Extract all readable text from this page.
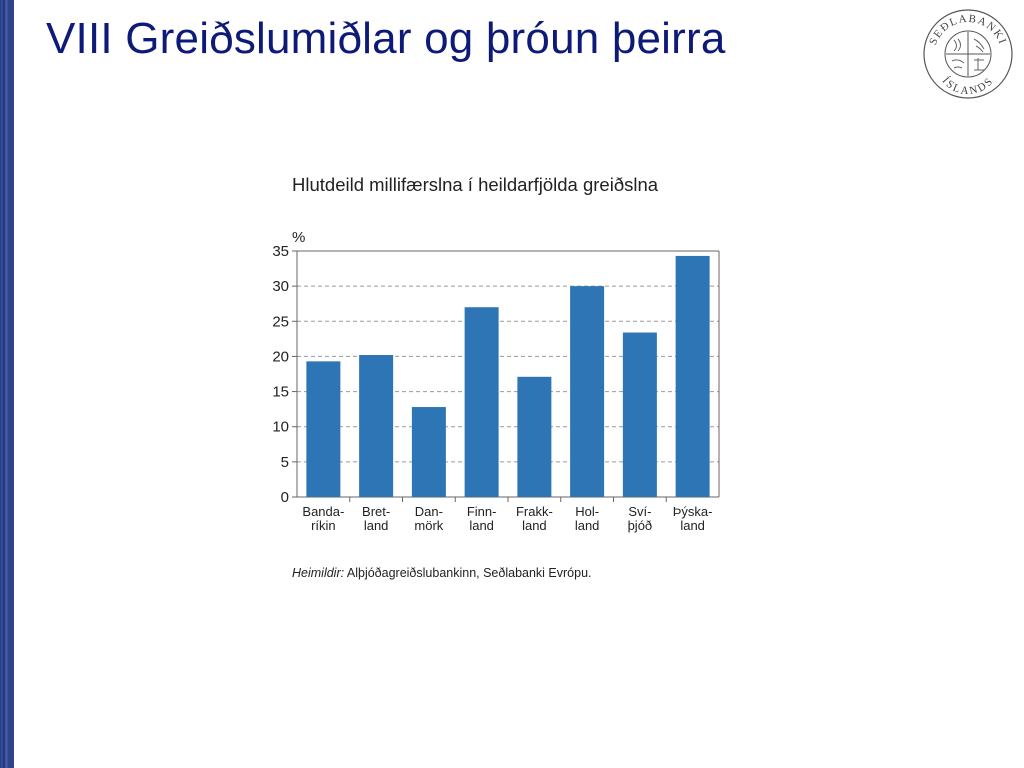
VIII Greiðslumiðlar og þróun þeirra	SEÐLABANKI
ÍSLANDS
Hlutdeild millifærslna í heildarfjölda greiðslna
%
0
5
10
15
20
25
30
35
Banda-
ríkin
Bret-
land
Dan-
mörk
Finn-
land
Frakk-
land
Hol-
land
Sví-
þjóð
Þýska-
land
Heimildir: Alþjóðagreiðslubankinn, Seðlabanki Evrópu.
